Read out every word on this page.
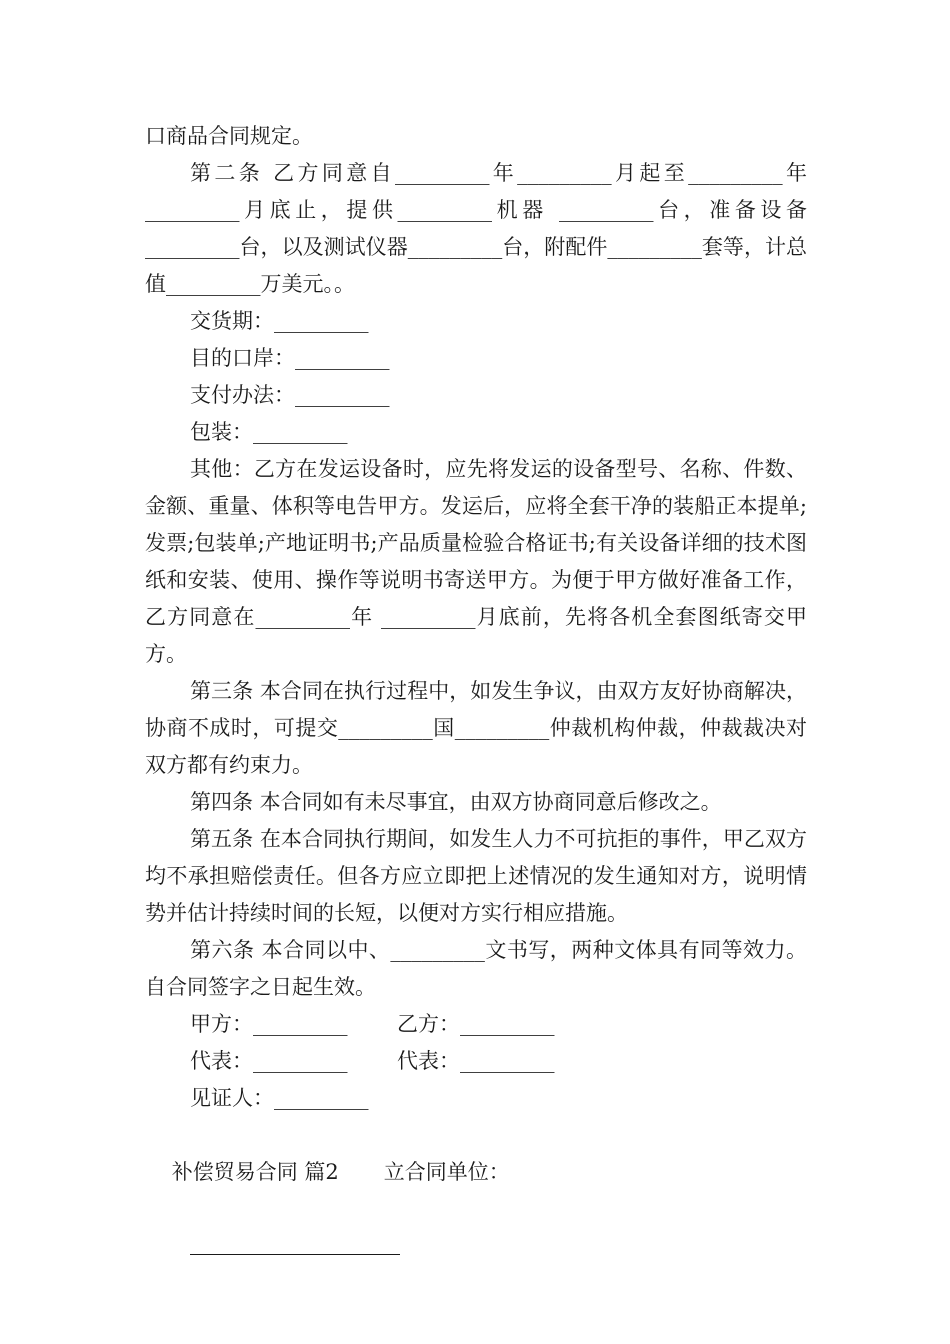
口商品合同规定。

第二条 乙方同意自_________年_________月起至_________年_________月底止，提供_________机器 _________台，准备设备_________台，以及测试仪器_________台，附配件_________套等，计总值_________万美元。。

交货期：_________
目的口岸：_________
支付办法：_________
包装：_________

其他：乙方在发运设备时，应先将发运的设备型号、名称、件数、金额、重量、体积等电告甲方。发运后，应将全套干净的装船正本提单;发票;包装单;产地证明书;产品质量检验合格证书;有关设备详细的技术图纸和安装、使用、操作等说明书寄送甲方。为便于甲方做好准备工作，乙方同意在_________年 _________月底前，先将各机全套图纸寄交甲方。

第三条 本合同在执行过程中，如发生争议，由双方友好协商解决，协商不成时，可提交_________国_________仲裁机构仲裁，仲裁裁决对双方都有约束力。

第四条 本合同如有未尽事宜，由双方协商同意后修改之。

第五条 在本合同执行期间，如发生人力不可抗拒的事件，甲乙双方均不承担赔偿责任。但各方应立即把上述情况的发生通知对方，说明情势并估计持续时间的长短，以便对方实行相应措施。

第六条 本合同以中、_________文书写，两种文体具有同等效力。自合同签字之日起生效。

甲方：_________	乙方：_________
代表：_________	代表：_________
见证人：_________

补偿贸易合同 篇2 立合同单位：
